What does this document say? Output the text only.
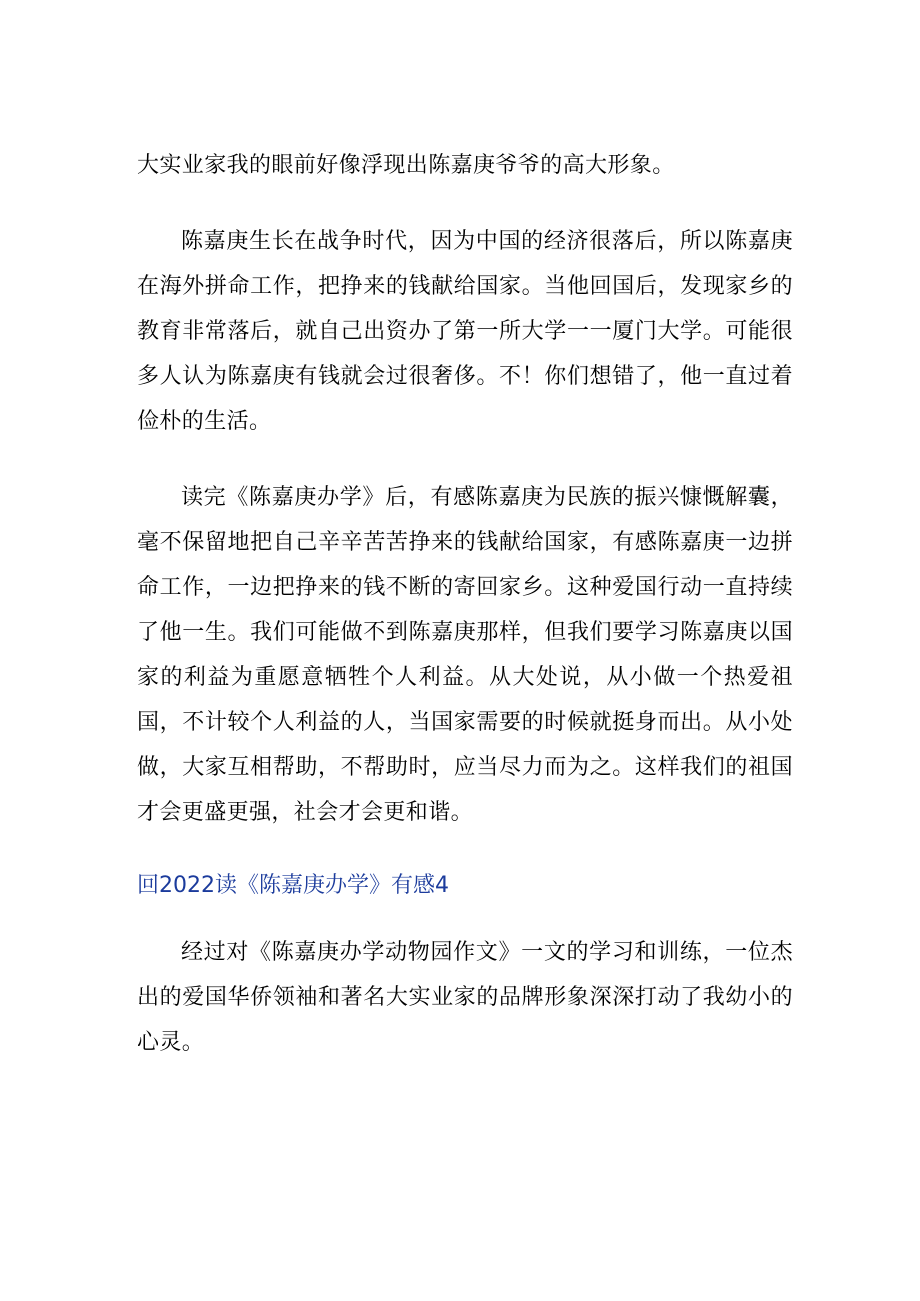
大实业家我的眼前好像浮现出陈嘉庚爷爷的高大形象。

陈嘉庚生长在战争时代，因为中国的经济很落后，所以陈嘉庚在海外拼命工作，把挣来的钱献给国家。当他回国后，发现家乡的教育非常落后，就自己出资办了第一所大学一一厦门大学。可能很多人认为陈嘉庚有钱就会过很奢侈。不！你们想错了，他一直过着俭朴的生活。

读完《陈嘉庚办学》后，有感陈嘉庚为民族的振兴慷慨解囊，毫不保留地把自己辛辛苦苦挣来的钱献给国家，有感陈嘉庚一边拼命工作，一边把挣来的钱不断的寄回家乡。这种爱国行动一直持续了他一生。我们可能做不到陈嘉庚那样，但我们要学习陈嘉庚以国家的利益为重愿意牺牲个人利益。从大处说，从小做一个热爱祖国，不计较个人利益的人，当国家需要的时候就挺身而出。从小处做，大家互相帮助，不帮助时，应当尽力而为之。这样我们的祖国才会更盛更强，社会才会更和谐。

回2022读《陈嘉庚办学》有感4

经过对《陈嘉庚办学动物园作文》一文的学习和训练，一位杰出的爱国华侨领袖和著名大实业家的品牌形象深深打动了我幼小的心灵。
